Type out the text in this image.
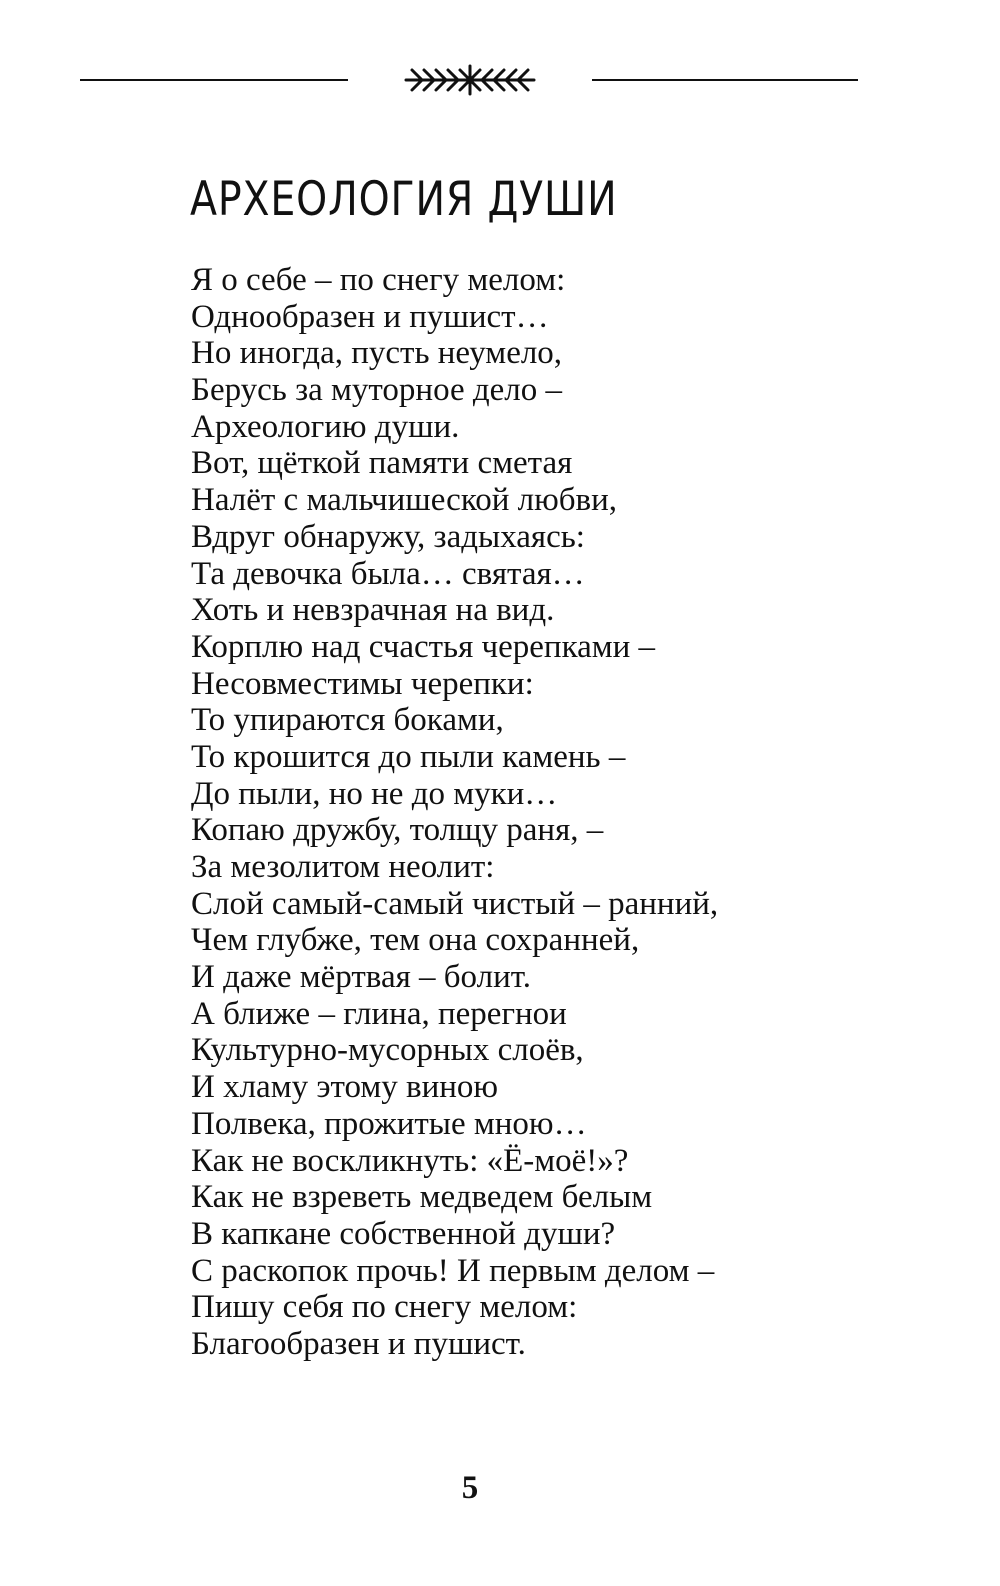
АРХЕОЛОГИЯ ДУШИ
Я о себе – по снегу мелом:
Однообразен и пушист…
Но иногда, пусть неумело,
Берусь за муторное дело –
Археологию души.
Вот, щёткой памяти сметая
Налёт с мальчишеской любви,
Вдруг обнаружу, задыхаясь:
Та девочка была… святая…
Хоть и невзрачная на вид.
Корплю над счастья черепками –
Несовместимы черепки:
То упираются боками,
То крошится до пыли камень –
До пыли, но не до муки…
Копаю дружбу, толщу раня, –
За мезолитом неолит:
Слой самый-самый чистый – ранний,
Чем глубже, тем она сохранней,
И даже мёртвая – болит.
А ближе – глина, перегнои
Культурно-мусорных слоёв,
И хламу этому виною
Полвека, прожитые мною…
Как не воскликнуть: «Ё-моё!»?
Как не взреветь медведем белым
В капкане собственной души?
С раскопок прочь! И первым делом –
Пишу себя по снегу мелом:
Благообразен и пушист.
5
